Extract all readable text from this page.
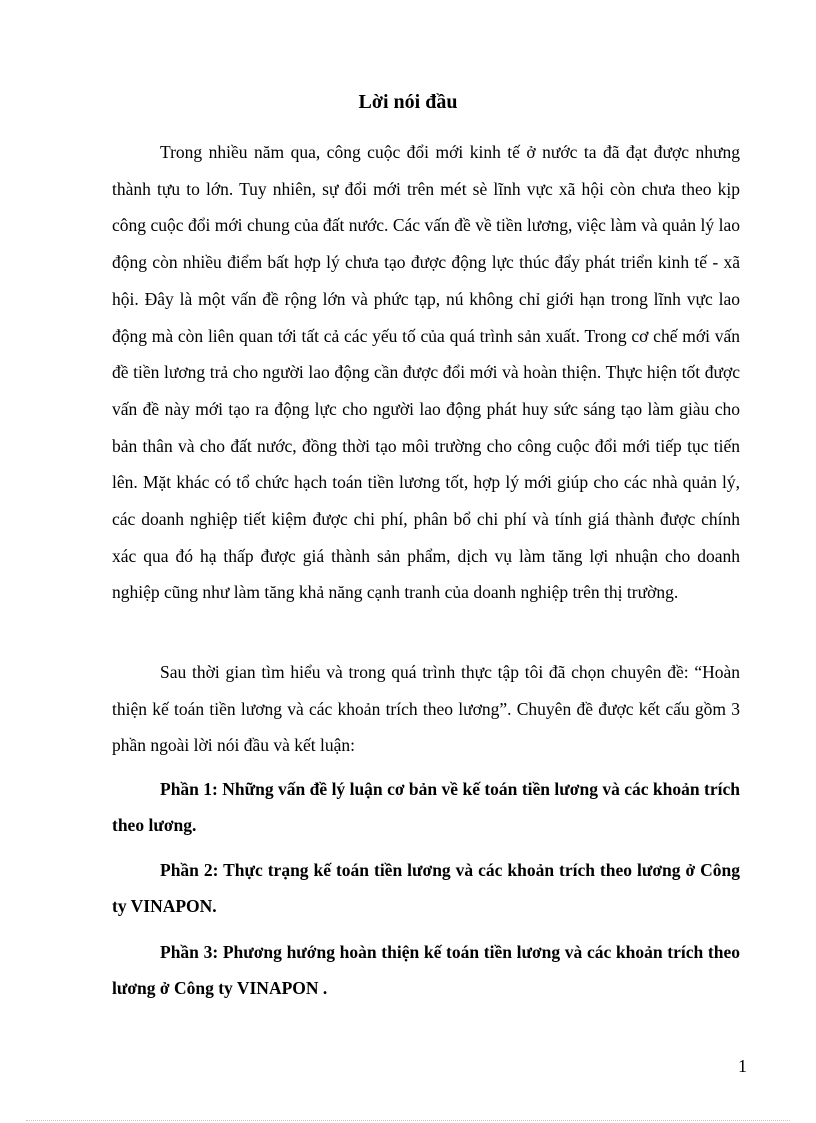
Lời nói đầu

Trong nhiều năm qua, công cuộc đổi mới kinh tế ở nước ta đã đạt được nhưng thành tựu to lớn. Tuy nhiên, sự đổi mới trên mét sè lĩnh vực xã hội còn chưa theo kịp công cuộc đổi mới chung của đất nước. Các vấn đề về tiền lương, việc làm và quản lý lao động còn nhiều điểm bất hợp lý chưa tạo được động lực thúc đẩy phát triển kinh tế - xã hội. Đây là một vấn đề rộng lớn và phức tạp, nú không chỉ giới hạn trong lĩnh vực lao động mà còn liên quan tới tất cả các yếu tố của quá trình sản xuất. Trong cơ chế mới vấn đề tiền lương trả cho người lao động cần được đổi mới và hoàn thiện. Thực hiện tốt được vấn đề này mới tạo ra động lực cho người lao động phát huy sức sáng tạo làm giàu cho bản thân và cho đất nước, đồng thời tạo môi trường cho công cuộc đổi mới tiếp tục tiến lên. Mặt khác có tổ chức hạch toán tiền lương tốt, hợp lý mới giúp cho các nhà quản lý, các doanh nghiệp tiết kiệm được chi phí, phân bổ chi phí và tính giá thành được chính xác qua đó hạ thấp được giá thành sản phẩm, dịch vụ làm tăng lợi nhuận cho doanh nghiệp cũng như làm tăng khả năng cạnh tranh của doanh nghiệp trên thị trường.

Sau thời gian tìm hiểu và trong quá trình thực tập tôi đã chọn chuyên đề: “Hoàn thiện kế toán tiền lương và các khoản trích theo lương”. Chuyên đề được kết cấu gồm 3 phần ngoài lời nói đầu và kết luận:

Phần 1: Những vấn đề lý luận cơ bản về kế toán tiền lương và các khoản trích theo lương.

Phần 2: Thực trạng kế toán tiền lương và các khoản trích theo lương ở Công ty VINAPON.

Phần 3: Phương hướng hoàn thiện kế toán tiền lương và các khoản trích theo lương ở Công ty VINAPON .

1
